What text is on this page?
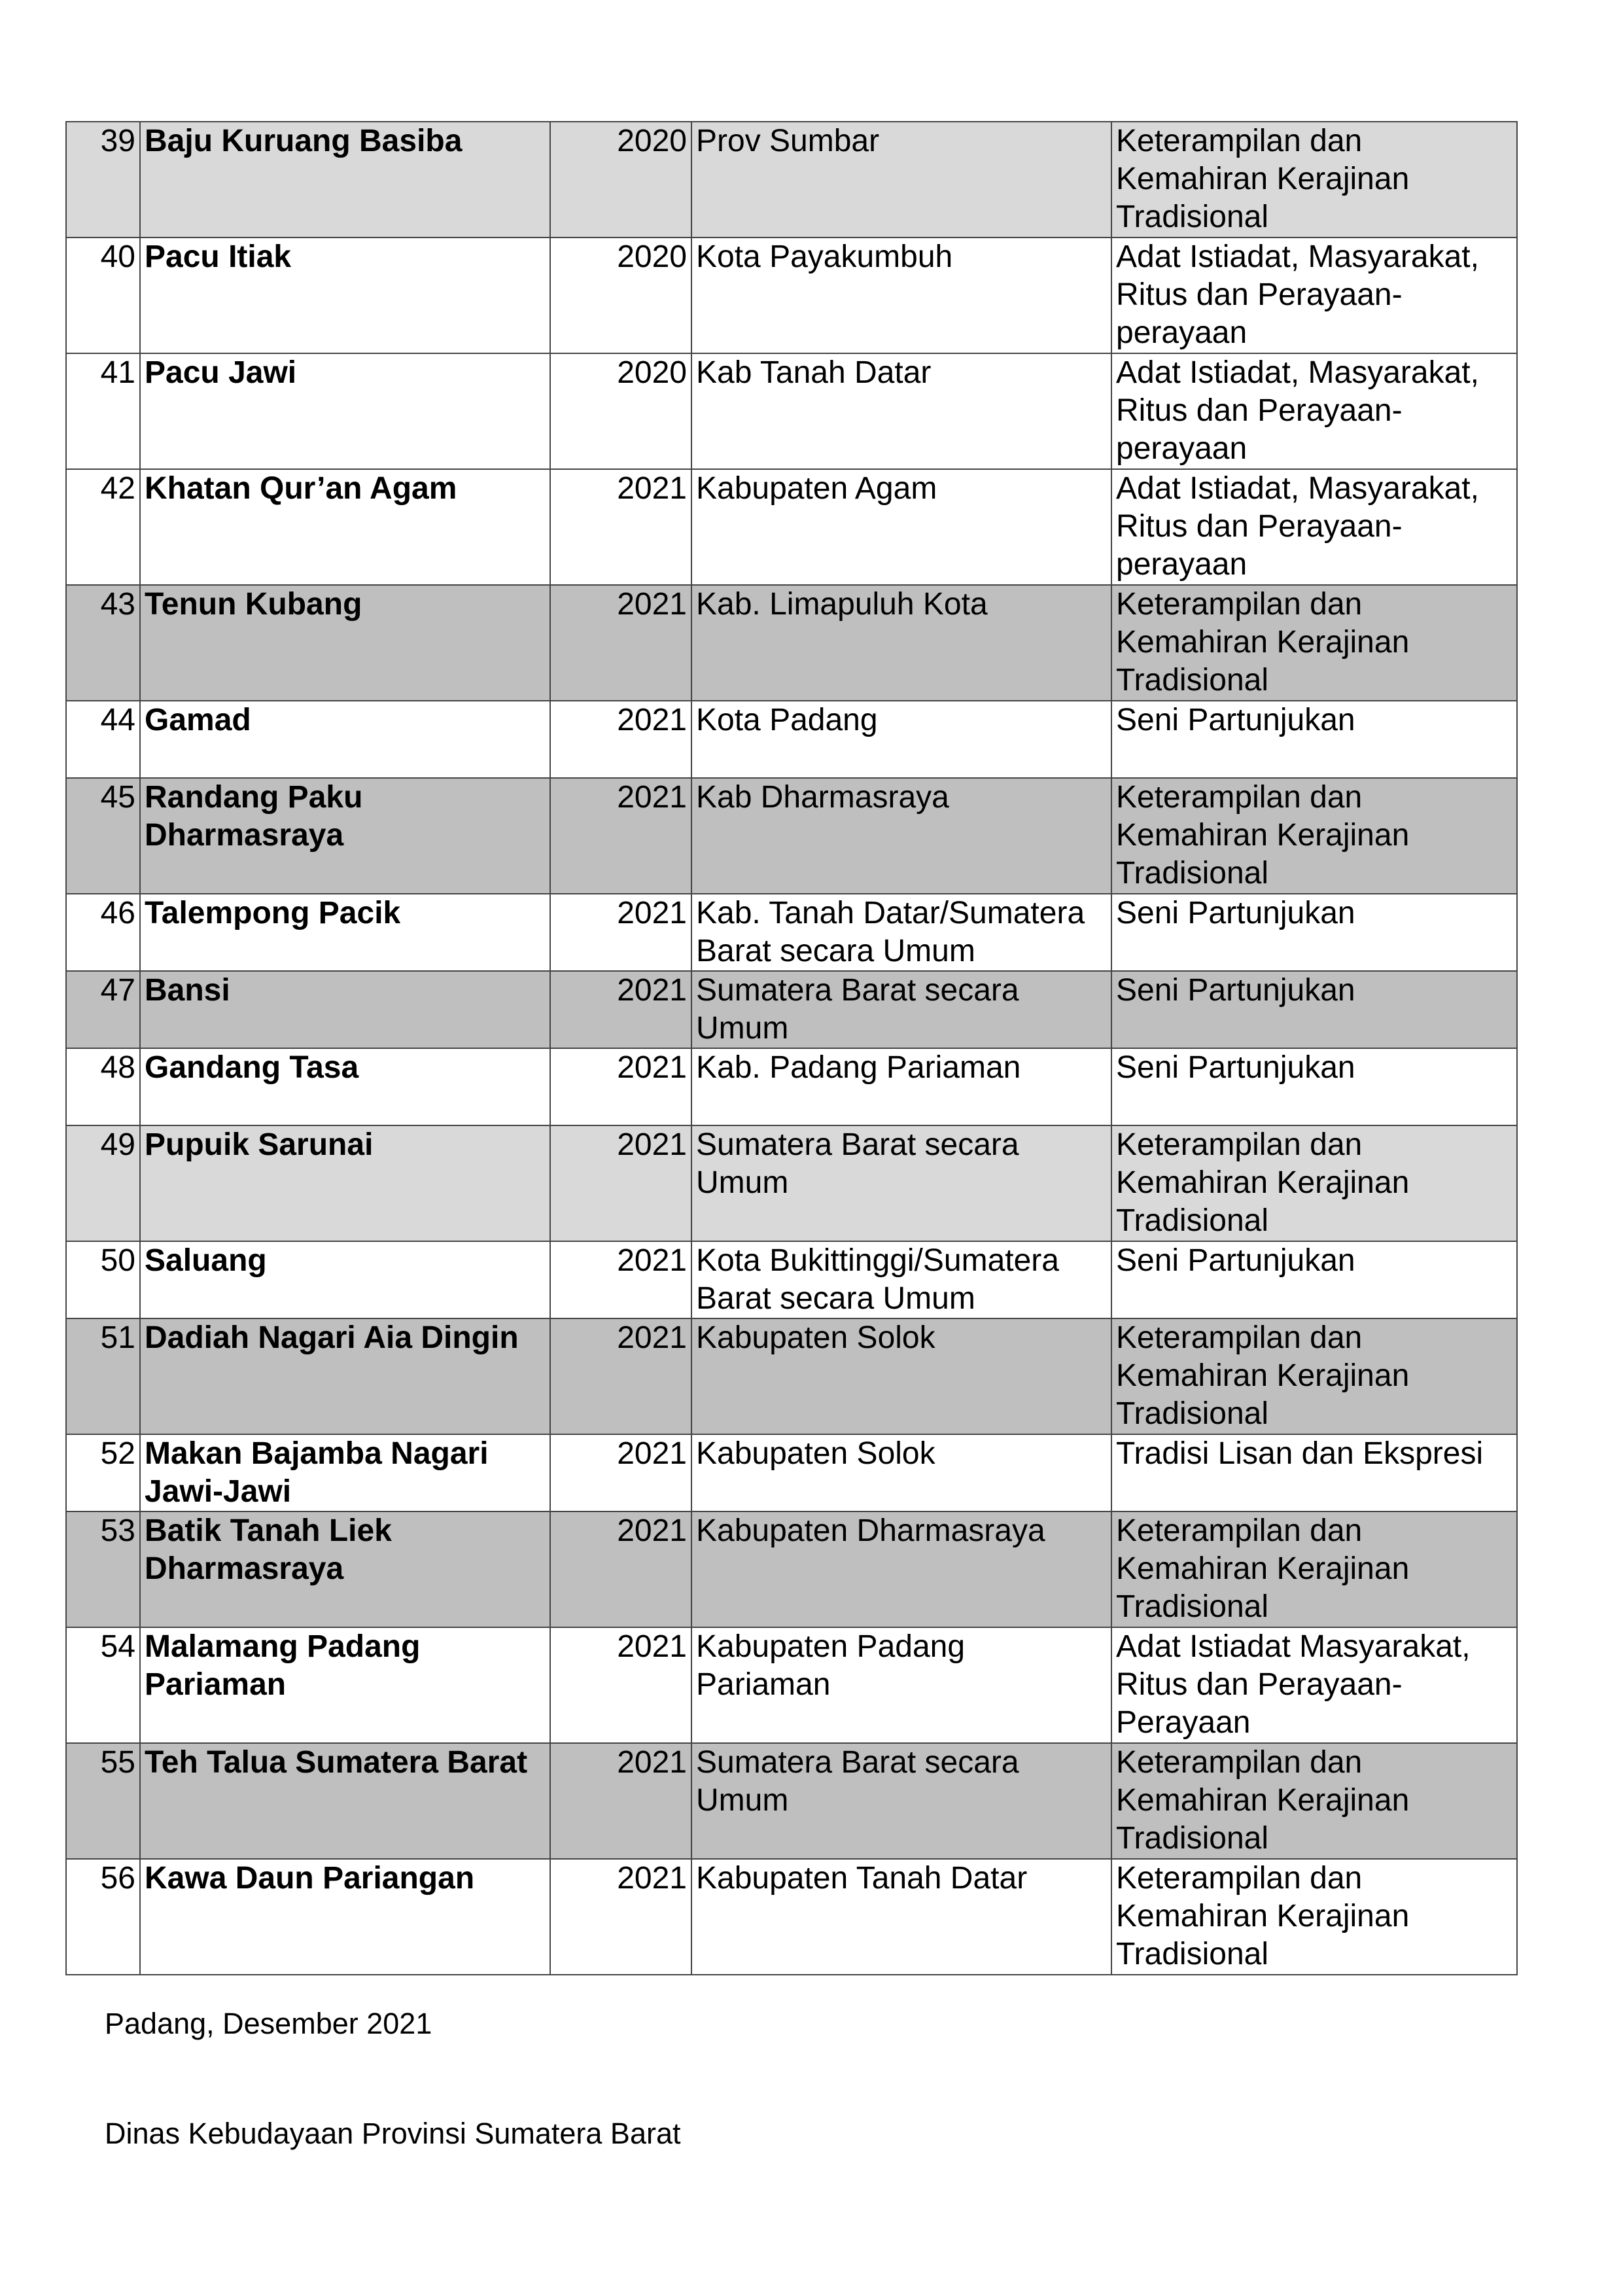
39	Baju Kuruang Basiba	2020	Prov Sumbar	Keterampilan dan Kemahiran Kerajinan Tradisional
40	Pacu Itiak	2020	Kota Payakumbuh	Adat Istiadat, Masyarakat, Ritus dan Perayaan-perayaan
41	Pacu Jawi	2020	Kab Tanah Datar	Adat Istiadat, Masyarakat, Ritus dan Perayaan-perayaan
42	Khatan Qur’an Agam	2021	Kabupaten Agam	Adat Istiadat, Masyarakat, Ritus dan Perayaan-perayaan
43	Tenun Kubang	2021	Kab. Limapuluh Kota	Keterampilan dan Kemahiran Kerajinan Tradisional
44	Gamad	2021	Kota Padang	Seni Partunjukan
45	Randang Paku Dharmasraya	2021	Kab Dharmasraya	Keterampilan dan Kemahiran Kerajinan Tradisional
46	Talempong Pacik	2021	Kab. Tanah Datar/Sumatera Barat secara Umum	Seni Partunjukan
47	Bansi	2021	Sumatera Barat secara Umum	Seni Partunjukan
48	Gandang Tasa	2021	Kab. Padang Pariaman	Seni Partunjukan
49	Pupuik Sarunai	2021	Sumatera Barat secara Umum	Keterampilan dan Kemahiran Kerajinan Tradisional
50	Saluang	2021	Kota Bukittinggi/Sumatera Barat secara Umum	Seni Partunjukan
51	Dadiah Nagari Aia Dingin	2021	Kabupaten Solok	Keterampilan dan Kemahiran Kerajinan Tradisional
52	Makan Bajamba Nagari Jawi-Jawi	2021	Kabupaten Solok	Tradisi Lisan dan Ekspresi
53	Batik Tanah Liek Dharmasraya	2021	Kabupaten Dharmasraya	Keterampilan dan Kemahiran Kerajinan Tradisional
54	Malamang Padang Pariaman	2021	Kabupaten Padang Pariaman	Adat Istiadat Masyarakat, Ritus dan Perayaan-Perayaan
55	Teh Talua Sumatera Barat	2021	Sumatera Barat secara Umum	Keterampilan dan Kemahiran Kerajinan Tradisional
56	Kawa Daun Pariangan	2021	Kabupaten Tanah Datar	Keterampilan dan Kemahiran Kerajinan Tradisional
Padang, Desember 2021
Dinas Kebudayaan Provinsi Sumatera Barat
